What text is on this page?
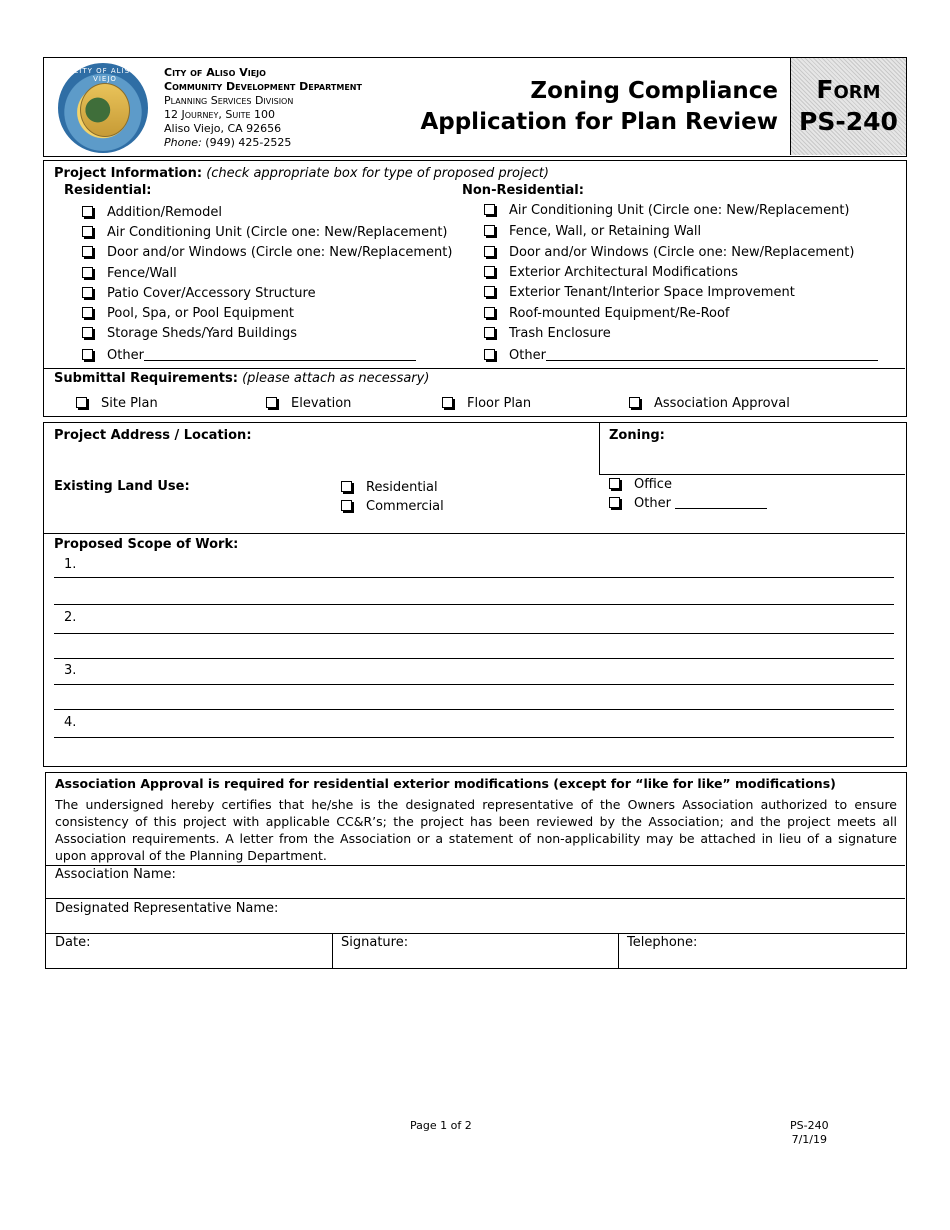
CITY OF ALISO VIEJO	City of Aliso Viejo
Community Development Department
Planning Services Division
12 Journey, Suite 100
Aliso Viejo, CA 92656
Phone: (949) 425-2525
Zoning Compliance
Application for Plan Review
Form
PS-240
Project Information: (check appropriate box for type of proposed project)
Residential:	Non-Residential:
Addition/Remodel
Air Conditioning Unit (Circle one: New/Replacement)
Door and/or Windows (Circle one: New/Replacement)
Fence/Wall
Patio Cover/Accessory Structure
Pool, Spa, or Pool Equipment
Storage Sheds/Yard Buildings
Other
Air Conditioning Unit (Circle one: New/Replacement)
Fence, Wall, or Retaining Wall
Door and/or Windows (Circle one: New/Replacement)
Exterior Architectural Modifications
Exterior Tenant/Interior Space Improvement
Roof-mounted Equipment/Re-Roof
Trash Enclosure
Other
Submittal Requirements: (please attach as necessary)
Site Plan	Elevation	Floor Plan	Association Approval
Project Address / Location:	Zoning:
Existing Land Use:	Residential
Commercial
Office
Other
Proposed Scope of Work:
1.
2.
3.
4.
Association Approval is required for residential exterior modifications (except for “like for like” modifications)
The undersigned hereby certifies that he/she is the designated representative of the Owners Association authorized to ensure consistency of this project with applicable CC&R’s; the project has been reviewed by the Association; and the project meets all Association requirements. A letter from the Association or a statement of non-applicability may be attached in lieu of a signature upon approval of the Planning Department.
Association Name:
Designated Representative Name:
Date:	Signature:	Telephone:
Page 1 of 2	PS-240
7/1/19
